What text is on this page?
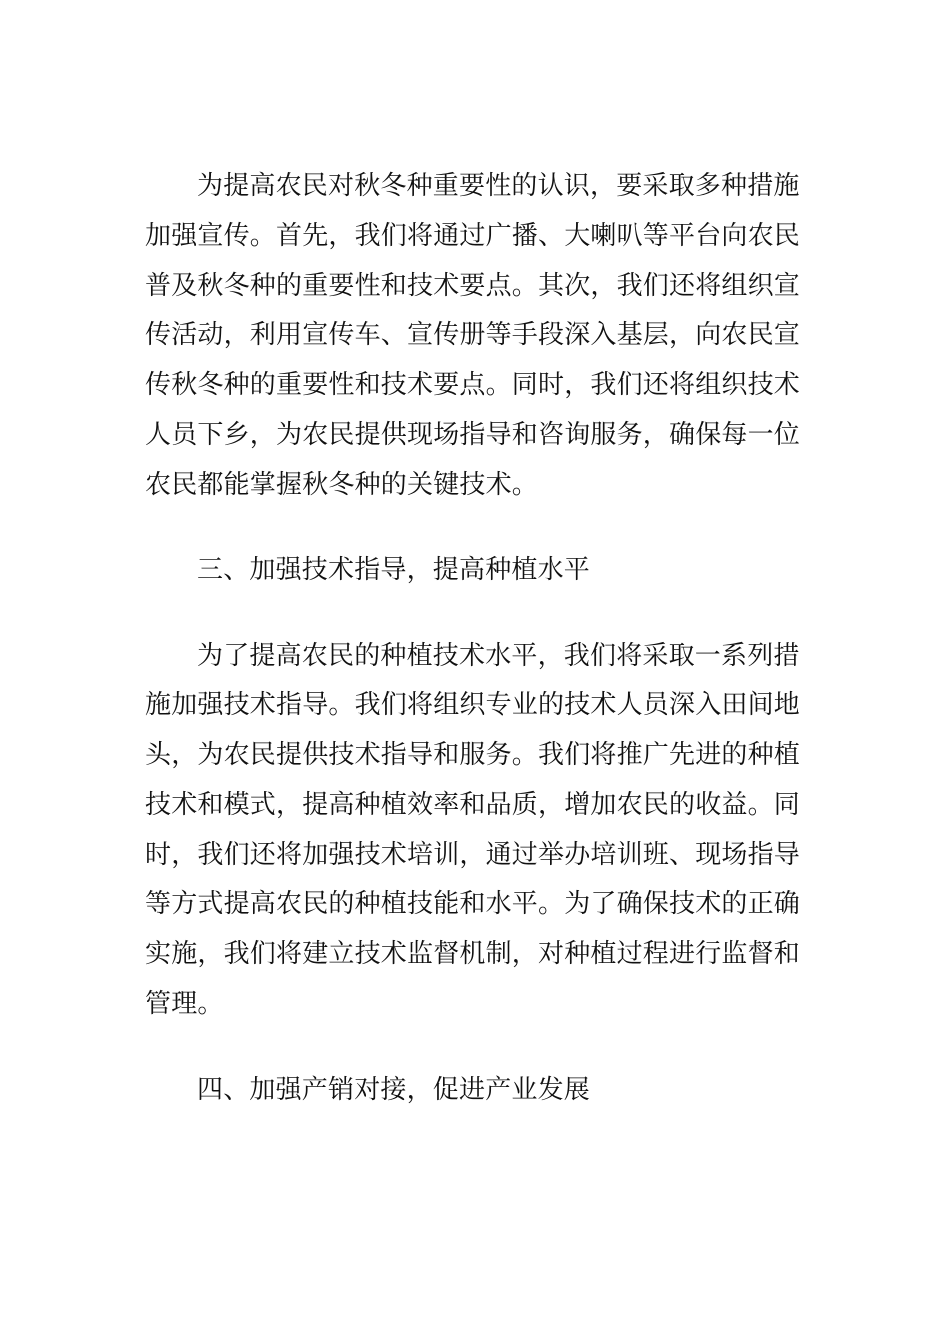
为提高农民对秋冬种重要性的认识，要采取多种措施
加强宣传。首先，我们将通过广播、大喇叭等平台向农民
普及秋冬种的重要性和技术要点。其次，我们还将组织宣
传活动，利用宣传车、宣传册等手段深入基层，向农民宣
传秋冬种的重要性和技术要点。同时，我们还将组织技术
人员下乡，为农民提供现场指导和咨询服务，确保每一位
农民都能掌握秋冬种的关键技术。
三、加强技术指导，提高种植水平
为了提高农民的种植技术水平，我们将采取一系列措
施加强技术指导。我们将组织专业的技术人员深入田间地
头，为农民提供技术指导和服务。我们将推广先进的种植
技术和模式，提高种植效率和品质，增加农民的收益。同
时，我们还将加强技术培训，通过举办培训班、现场指导
等方式提高农民的种植技能和水平。为了确保技术的正确
实施，我们将建立技术监督机制，对种植过程进行监督和
管理。
四、加强产销对接，促进产业发展
